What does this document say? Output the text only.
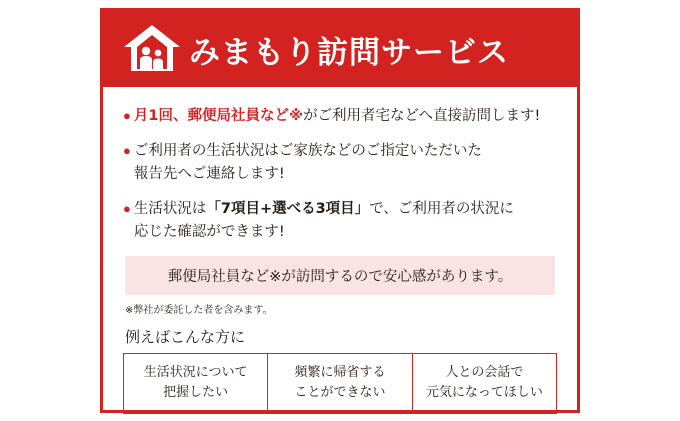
みまもり訪問サービス
● 月1回、郵便局社員など※がご利用者宅などへ直接訪問します!
● ご利用者の生活状況はご家族などのご指定いただいた
報告先へご連絡します!
● 生活状況は「7項目+選べる3項目」で、ご利用者の状況に
応じた確認ができます!
郵便局社員など※が訪問するので安心感があります。
※弊社が委託した者を含みます。
例えばこんな方に
生活状況について
把握したい
頻繁に帰省する
ことができない
人との会話で
元気になってほしい
